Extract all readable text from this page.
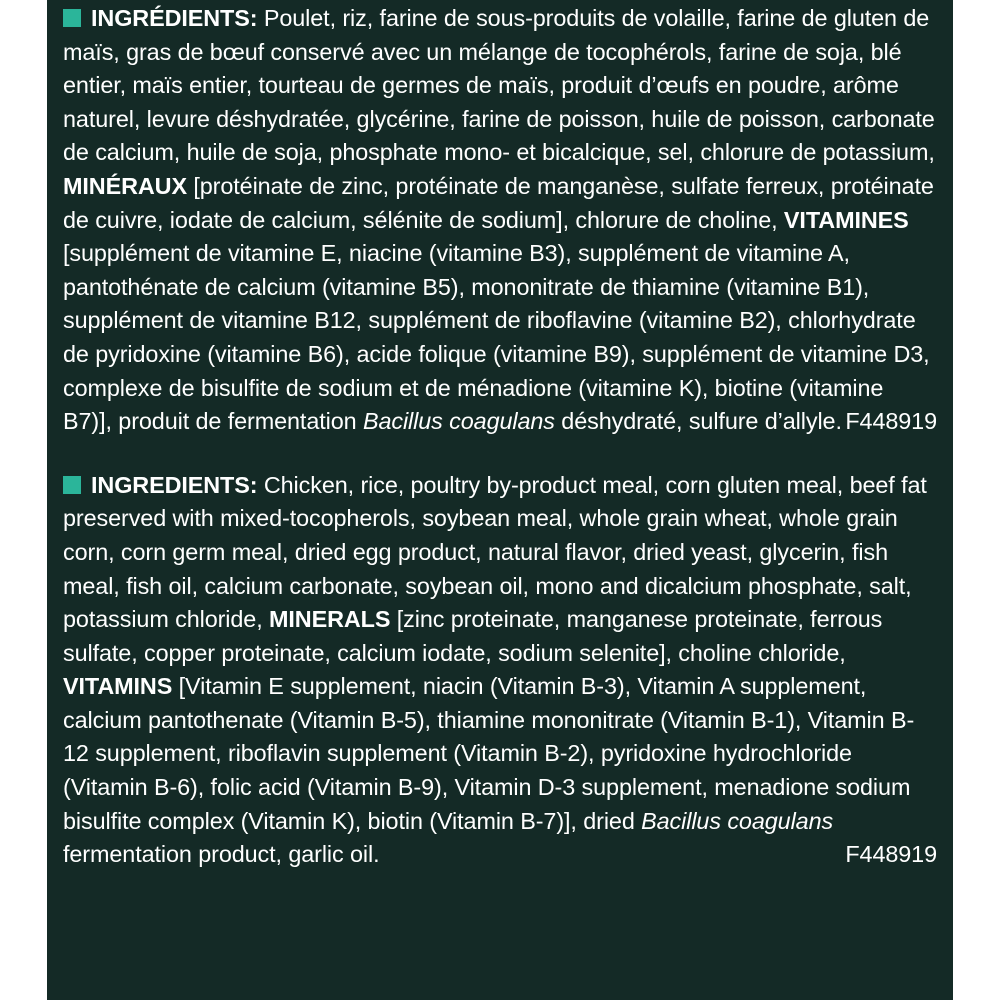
INGRÉDIENTS: Poulet, riz, farine de sous-produits de volaille, farine de gluten de maïs, gras de bœuf conservé avec un mélange de tocophérols, farine de soja, blé entier, maïs entier, tourteau de germes de maïs, produit d’œufs en poudre, arôme naturel, levure déshydratée, glycérine, farine de poisson, huile de poisson, carbonate de calcium, huile de soja, phosphate mono- et bicalcique, sel, chlorure de potassium, MINÉRAUX [protéinate de zinc, protéinate de manganèse, sulfate ferreux, protéinate de cuivre, iodate de calcium, sélénite de sodium], chlorure de choline, VITAMINES [supplément de vitamine E, niacine (vitamine B3), supplément de vitamine A, pantothénate de calcium (vitamine B5), mononitrate de thiamine (vitamine B1), supplément de vitamine B12, supplément de riboflavine (vitamine B2), chlorhydrate de pyridoxine (vitamine B6), acide folique (vitamine B9), supplément de vitamine D3, complexe de bisulfite de sodium et de ménadione (vitamine K), biotine (vitamine B7)], produit de fermentation Bacillus coagulans déshydraté, sulfure d’allyle. F448919
INGREDIENTS: Chicken, rice, poultry by-product meal, corn gluten meal, beef fat preserved with mixed-tocopherols, soybean meal, whole grain wheat, whole grain corn, corn germ meal, dried egg product, natural flavor, dried yeast, glycerin, fish meal, fish oil, calcium carbonate, soybean oil, mono and dicalcium phosphate, salt, potassium chloride, MINERALS [zinc proteinate, manganese proteinate, ferrous sulfate, copper proteinate, calcium iodate, sodium selenite], choline chloride, VITAMINS [Vitamin E supplement, niacin (Vitamin B-3), Vitamin A supplement, calcium pantothenate (Vitamin B-5), thiamine mononitrate (Vitamin B-1), Vitamin B-12 supplement, riboflavin supplement (Vitamin B-2), pyridoxine hydrochloride (Vitamin B-6), folic acid (Vitamin B-9), Vitamin D-3 supplement, menadione sodium bisulfite complex (Vitamin K), biotin (Vitamin B-7)], dried Bacillus coagulans fermentation product, garlic oil.	F448919
